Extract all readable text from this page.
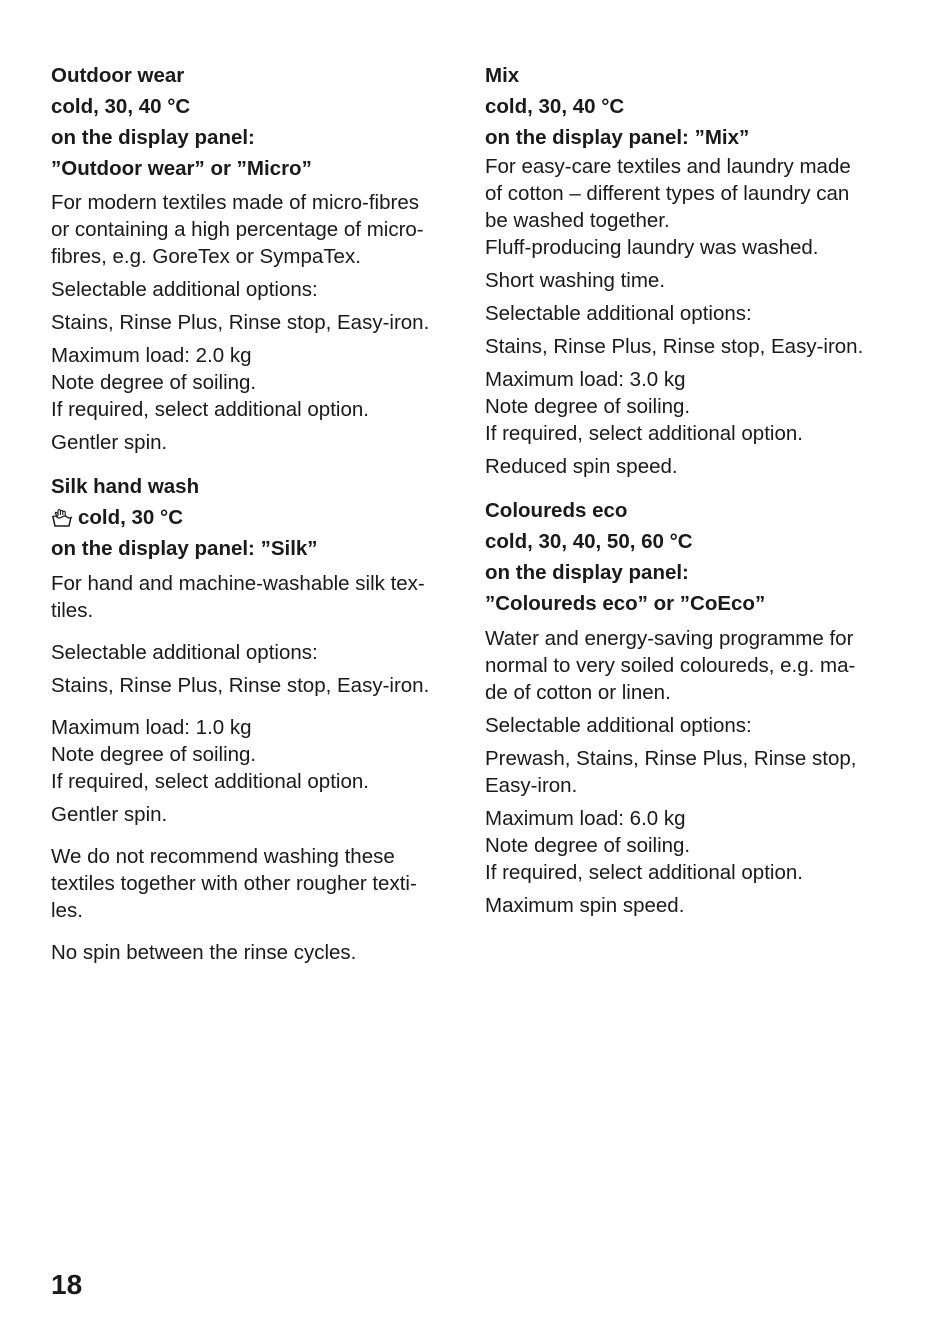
Outdoor wear

cold, 30, 40 °C

on the display panel:

”Outdoor wear” or ”Micro”

For modern textiles made of micro-fibres

or containing a high percentage of micro-

fibres, e.g. GoreTex or SympaTex.

Selectable additional options:

Stains, Rinse Plus, Rinse stop, Easy-iron.

Maximum load: 2.0 kg

Note degree of soiling.

If required, select additional option.

Gentler spin.

Silk hand wash

cold, 30 °C

on the display panel: ”Silk”

For hand and machine-washable silk tex-

tiles.

Selectable additional options:

Stains, Rinse Plus, Rinse stop, Easy-iron.

Maximum load: 1.0 kg

Note degree of soiling.

If required, select additional option.

Gentler spin.

We do not recommend washing these

textiles together with other rougher texti-

les.

No spin between the rinse cycles.

Mix

cold, 30, 40 °C

on the display panel: ”Mix”

For easy-care textiles and laundry made

of cotton – different types of laundry can

be washed together.

Fluff-producing laundry was washed.

Short washing time.

Selectable additional options:

Stains, Rinse Plus, Rinse stop, Easy-iron.

Maximum load: 3.0 kg

Note degree of soiling.

If required, select additional option.

Reduced spin speed.

Coloureds eco

cold, 30, 40, 50, 60 °C

on the display panel:

”Coloureds eco” or ”CoEco”

Water and energy-saving programme for

normal to very soiled coloureds, e.g. ma-

de of cotton or linen.

Selectable additional options:

Prewash, Stains, Rinse Plus, Rinse stop,

Easy-iron.

Maximum load: 6.0 kg

Note degree of soiling.

If required, select additional option.

Maximum spin speed.

18
